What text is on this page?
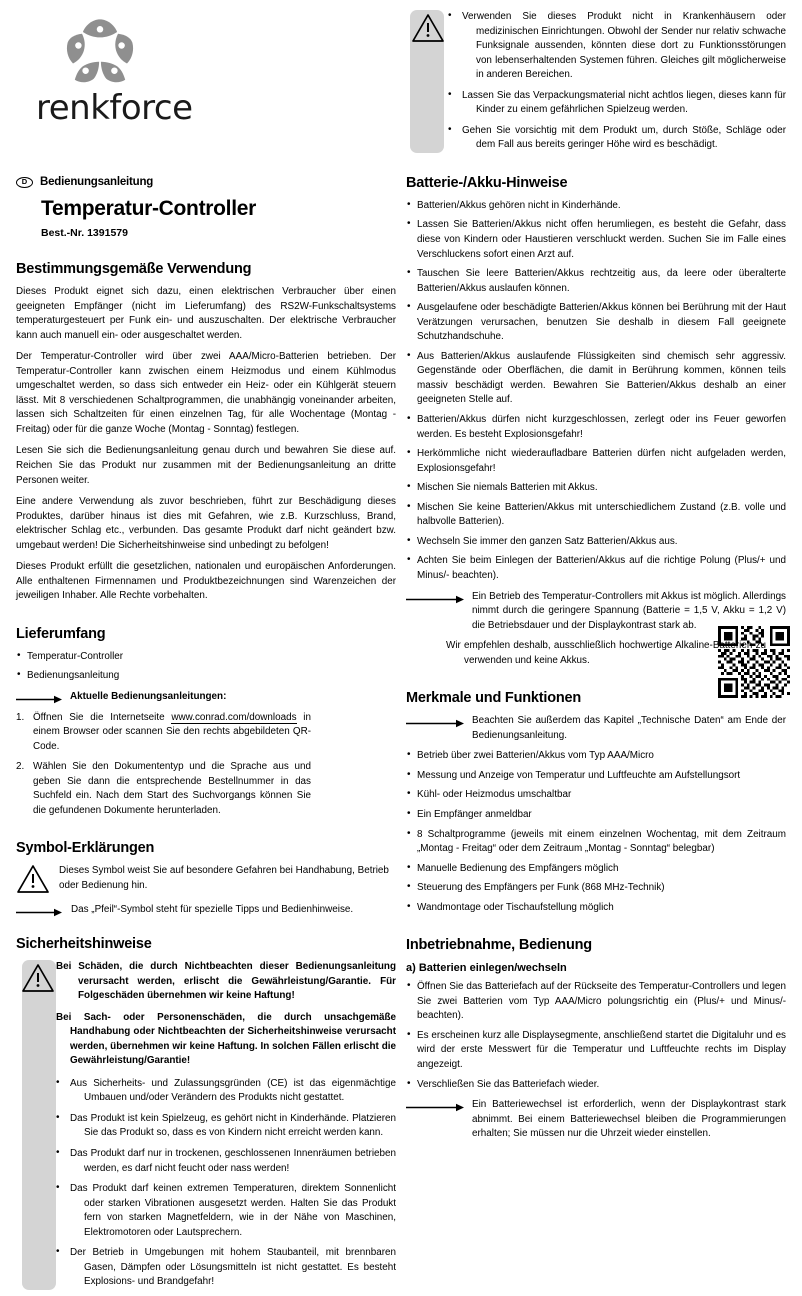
renkforce
D	Bedienungsanleitung
Temperatur-Controller
Best.-Nr. 1391579
Bestimmungsgemäße Verwendung

Dieses Produkt eignet sich dazu, einen elektrischen Verbraucher über einen geeigneten Empfänger (nicht im Lieferumfang) des RS2W-Funkschaltsystems temperaturgesteuert per Funk ein- und auszuschalten. Der elektrische Verbraucher kann auch manuell ein- oder ausgeschaltet werden.

Der Temperatur-Controller wird über zwei AAA/Micro-Batterien betrieben. Der Temperatur-Controller kann zwischen einem Heizmodus und einem Kühlmodus umgeschaltet werden, so dass sich entweder ein Heiz- oder ein Kühlgerät steuern lässt. Mit 8 verschiedenen Schaltprogrammen, die unabhängig voneinander arbeiten, lassen sich Schaltzeiten für einen einzelnen Tag, für alle Wochentage (Montag - Freitag) oder für die ganze Woche (Montag - Sonntag) festlegen.

Lesen Sie sich die Bedienungsanleitung genau durch und bewahren Sie diese auf. Reichen Sie das Produkt nur zusammen mit der Bedienungsanleitung an dritte Personen weiter.

Eine andere Verwendung als zuvor beschrieben, führt zur Beschädigung dieses Produktes, darüber hinaus ist dies mit Gefahren, wie z.B. Kurzschluss, Brand, elektrischer Schlag etc., verbunden. Das gesamte Produkt darf nicht geändert bzw. umgebaut werden! Die Sicherheitshinweise sind unbedingt zu befolgen!

Dieses Produkt erfüllt die gesetzlichen, nationalen und europäischen Anforderungen. Alle enthaltenen Firmennamen und Produktbezeichnungen sind Warenzeichen der jeweiligen Inhaber. Alle Rechte vorbehalten.

Lieferumfang
• Temperatur-Controller
• Bedienungsanleitung
Aktuelle Bedienungsanleitungen:
Öffnen Sie die Internetseite www.conrad.com/downloads in einem Browser oder scannen Sie den rechts abgebildeten QR-Code.
Wählen Sie den Dokumententyp und die Sprache aus und geben Sie dann die entsprechende Bestellnummer in das Suchfeld ein. Nach dem Start des Suchvorgangs können Sie die gefundenen Dokumente herunterladen.
Symbol-Erklärungen
Dieses Symbol weist Sie auf besondere Gefahren bei Handhabung, Betrieb oder Bedienung hin.
Das „Pfeil“-Symbol steht für spezielle Tipps und Bedienhinweise.
Sicherheitshinweise
Bei Schäden, die durch Nichtbeachten dieser Bedienungsanleitung verursacht werden, erlischt die Gewährleistung/Garantie. Für Folgeschäden übernehmen wir keine Haftung!
Bei Sach- oder Personenschäden, die durch unsachgemäße Handhabung oder Nichtbeachten der Sicherheitshinweise verursacht werden, übernehmen wir keine Haftung. In solchen Fällen erlischt die Gewährleistung/Garantie!
• Aus Sicherheits- und Zulassungsgründen (CE) ist das eigenmächtige Umbauen und/oder Verändern des Produkts nicht gestattet.
• Das Produkt ist kein Spielzeug, es gehört nicht in Kinderhände. Platzieren Sie das Produkt so, dass es von Kindern nicht erreicht werden kann.
• Das Produkt darf nur in trockenen, geschlossenen Innenräumen betrieben werden, es darf nicht feucht oder nass werden!
• Das Produkt darf keinen extremen Temperaturen, direktem Sonnenlicht oder starken Vibrationen ausgesetzt werden. Halten Sie das Produkt fern von starken Magnetfeldern, wie in der Nähe von Maschinen, Elektromotoren oder Lautsprechern.
• Der Betrieb in Umgebungen mit hohem Staubanteil, mit brennbaren Gasen, Dämpfen oder Lösungsmitteln ist nicht gestattet. Es besteht Explosions- und Brandgefahr!
• Verwenden Sie dieses Produkt nicht in Krankenhäusern oder medizinischen Einrichtungen. Obwohl der Sender nur relativ schwache Funksignale aussenden, könnten diese dort zu Funktionsstörungen von lebenserhaltenden Systemen führen. Gleiches gilt möglicherweise in anderen Bereichen.
• Lassen Sie das Verpackungsmaterial nicht achtlos liegen, dieses kann für Kinder zu einem gefährlichen Spielzeug werden.
• Gehen Sie vorsichtig mit dem Produkt um, durch Stöße, Schläge oder dem Fall aus bereits geringer Höhe wird es beschädigt.
Batterie-/Akku-Hinweise
• Batterien/Akkus gehören nicht in Kinderhände.
• Lassen Sie Batterien/Akkus nicht offen herumliegen, es besteht die Gefahr, dass diese von Kindern oder Haustieren verschluckt werden. Suchen Sie im Falle eines Verschluckens sofort einen Arzt auf.
• Tauschen Sie leere Batterien/Akkus rechtzeitig aus, da leere oder überalterte Batterien/Akkus auslaufen können.
• Ausgelaufene oder beschädigte Batterien/Akkus können bei Berührung mit der Haut Verätzungen verursachen, benutzen Sie deshalb in diesem Fall geeignete Schutzhandschuhe.
• Aus Batterien/Akkus auslaufende Flüssigkeiten sind chemisch sehr aggressiv. Gegenstände oder Oberflächen, die damit in Berührung kommen, können teils massiv beschädigt werden. Bewahren Sie Batterien/Akkus deshalb an einer geeigneten Stelle auf.
• Batterien/Akkus dürfen nicht kurzgeschlossen, zerlegt oder ins Feuer geworfen werden. Es besteht Explosionsgefahr!
• Herkömmliche nicht wiederaufladbare Batterien dürfen nicht aufgeladen werden, Explosionsgefahr!
• Mischen Sie niemals Batterien mit Akkus.
• Mischen Sie keine Batterien/Akkus mit unterschiedlichem Zustand (z.B. volle und halbvolle Batterien).
• Wechseln Sie immer den ganzen Satz Batterien/Akkus aus.
• Achten Sie beim Einlegen der Batterien/Akkus auf die richtige Polung (Plus/+ und Minus/- beachten).
Ein Betrieb des Temperatur-Controllers mit Akkus ist möglich. Allerdings nimmt durch die geringere Spannung (Batterie = 1,5 V, Akku = 1,2 V) die Betriebsdauer und der Displaykontrast stark ab.
Wir empfehlen deshalb, ausschließlich hochwertige Alkaline-Batterien zu verwenden und keine Akkus.
Merkmale und Funktionen
Beachten Sie außerdem das Kapitel „Technische Daten“ am Ende der Bedienungsanleitung.
• Betrieb über zwei Batterien/Akkus vom Typ AAA/Micro
• Messung und Anzeige von Temperatur und Luftfeuchte am Aufstellungsort
• Kühl- oder Heizmodus umschaltbar
• Ein Empfänger anmeldbar
• 8 Schaltprogramme (jeweils mit einem einzelnen Wochentag, mit dem Zeitraum „Montag - Freitag“ oder dem Zeitraum „Montag - Sonntag“ belegbar)
• Manuelle Bedienung des Empfängers möglich
• Steuerung des Empfängers per Funk (868 MHz-Technik)
• Wandmontage oder Tischaufstellung möglich
Inbetriebnahme, Bedienung
a) Batterien einlegen/wechseln
• Öffnen Sie das Batteriefach auf der Rückseite des Temperatur-Controllers und legen Sie zwei Batterien vom Typ AAA/Micro polungsrichtig ein (Plus/+ und Minus/- beachten).
• Es erscheinen kurz alle Displaysegmente, anschließend startet die Digitaluhr und es wird der erste Messwert für die Temperatur und Luftfeuchte rechts im Display angezeigt.
• Verschließen Sie das Batteriefach wieder.
Ein Batteriewechsel ist erforderlich, wenn der Displaykontrast stark abnimmt. Bei einem Batteriewechsel bleiben die Programmierungen erhalten; Sie müssen nur die Uhrzeit wieder einstellen.
